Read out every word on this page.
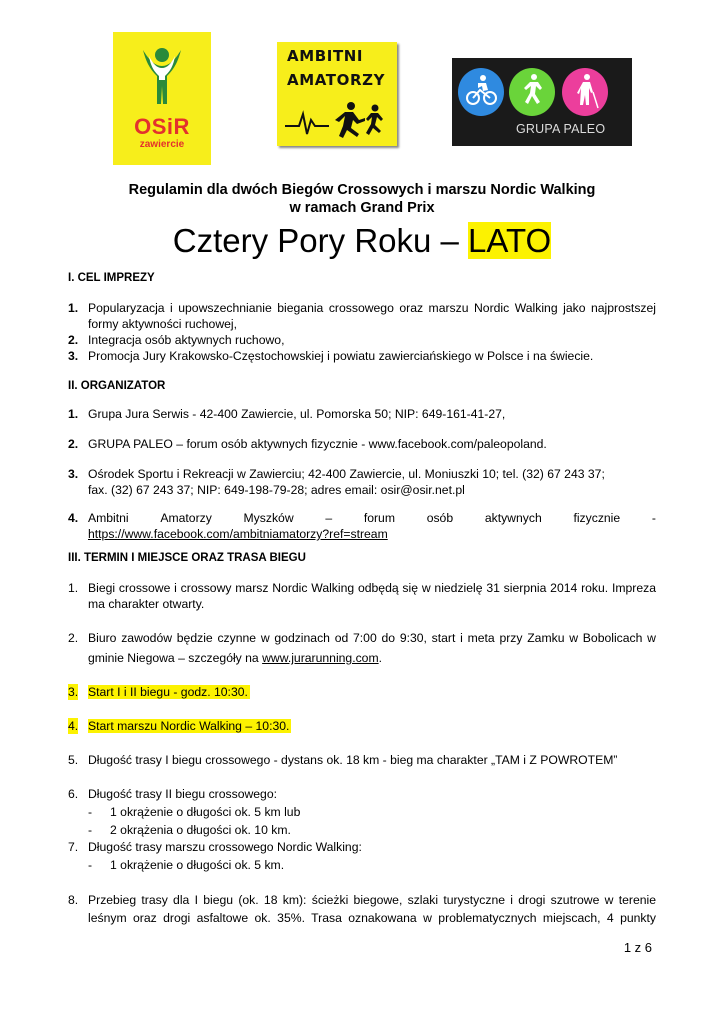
OSiR
zawiercie
AMBITNI
AMATORZY
GRUPA PALEO
Regulamin dla dwóch Biegów Crossowych i marszu Nordic Walking
w ramach Grand Prix
Cztery Pory Roku – LATO
I. CEL IMPREZY
1. Popularyzacja i upowszechnianie biegania crossowego oraz marszu Nordic Walking jako najprostszej
formy aktywności ruchowej,
2. Integracja osób aktywnych ruchowo,
3. Promocja Jury Krakowsko-Częstochowskiej i powiatu zawierciańskiego w Polsce i na świecie.
II. ORGANIZATOR
1. Grupa Jura Serwis - 42-400 Zawiercie, ul. Pomorska 50; NIP: 649-161-41-27,
2. GRUPA PALEO – forum osób aktywnych fizycznie - www.facebook.com/paleopoland.
3. Ośrodek Sportu i Rekreacji w Zawierciu; 42-400 Zawiercie, ul. Moniuszki 10; tel. (32) 67 243 37;
fax. (32) 67 243 37; NIP: 649-198-79-28; adres email: osir@osir.net.pl
4. Ambitni	Amatorzy	Myszków	–	forum	osób	aktywnych	fizycznie	-
https://www.facebook.com/ambitniamatorzy?ref=stream
III. TERMIN I MIEJSCE ORAZ TRASA BIEGU
1. Biegi crossowe i crossowy marsz Nordic Walking odbędą się w niedzielę 31 sierpnia 2014 roku. Impreza
ma charakter otwarty.
2. Biuro zawodów będzie czynne w godzinach od 7:00 do 9:30, start i meta przy Zamku w Bobolicach w
gminie Niegowa – szczegóły na www.jurarunning.com.
3. Start I i II biegu - godz. 10:30.
4. Start marszu Nordic Walking – 10:30.
5. Długość trasy I biegu crossowego - dystans ok. 18 km - bieg ma charakter „TAM i Z POWROTEM”
6. Długość trasy II biegu crossowego:
- 1 okrążenie o długości ok. 5 km lub
- 2 okrążenia o długości ok. 10 km.
7. Długość trasy marszu crossowego Nordic Walking:
- 1 okrążenie o długości ok. 5 km.
8. Przebieg trasy dla I biegu (ok. 18 km): ścieżki biegowe, szlaki turystyczne i drogi szutrowe w terenie
leśnym oraz drogi asfaltowe ok. 35%. Trasa oznakowana w problematycznych miejscach, 4 punkty
1 z 6
